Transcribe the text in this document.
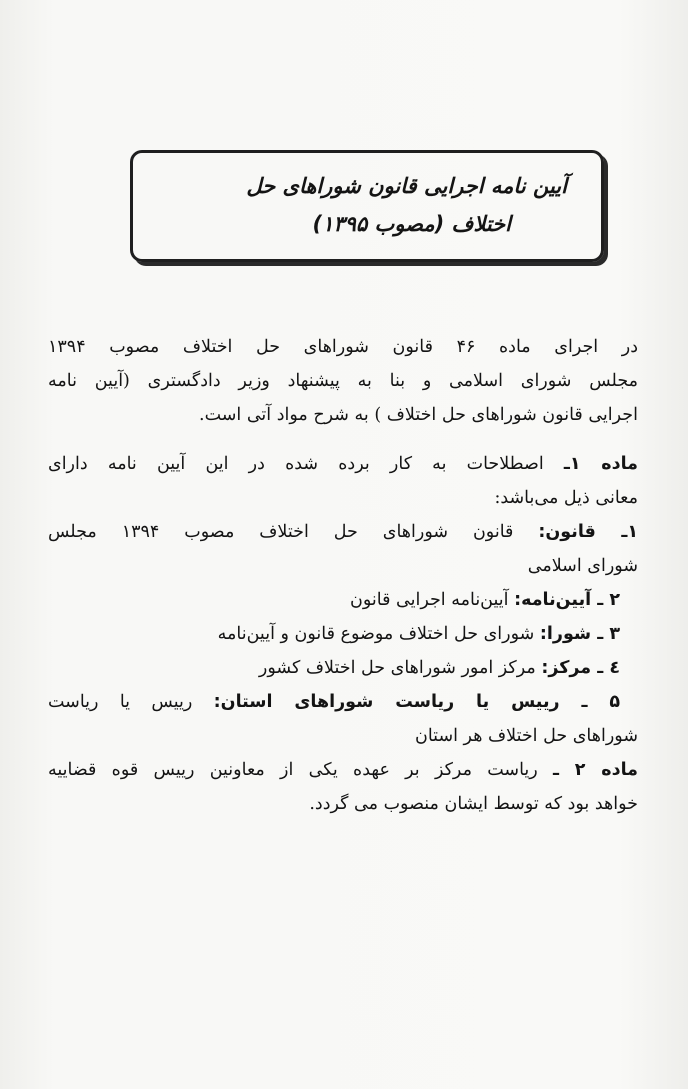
آیین نامه اجرایی قانون شوراهای حل
اختلاف (مصوب ۱۳۹۵)
در اجرای ماده ۴۶ قانون شوراهای حل اختلاف مصوب ۱۳۹۴
مجلس شورای اسلامی و بنا به پیشنهاد وزیر دادگستری (آیین نامه
اجرایی قانون شوراهای حل اختلاف ) به شرح مواد آتی است.
ماده ۱ـ اصطلاحات به کار برده شده در این آیین نامه دارای
معانی ذیل می‌باشد:
۱ـ قانون: قانون شوراهای حل اختلاف مصوب ۱۳۹۴ مجلس
شورای اسلامی
۲ ـ آیین‌نامه: آیین‌نامه اجرایی قانون
۳ ـ شورا: شورای حل اختلاف موضوع قانون و آیین‌نامه
٤ ـ مرکز: مرکز امور شوراهای حل اختلاف کشور
۵ ـ رییس یا ریاست شوراهای استان: رییس یا ریاست
شوراهای حل اختلاف هر استان
ماده ۲ ـ ریاست مرکز بر عهده یکی از معاونین رییس قوه قضاییه
خواهد بود که توسط ایشان منصوب می گردد.
